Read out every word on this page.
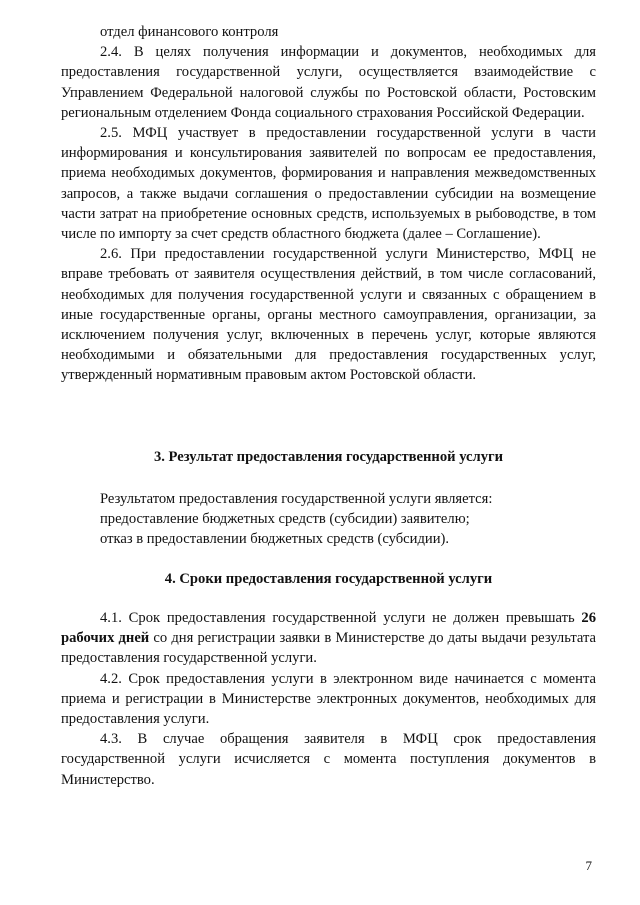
отдел финансового контроля

2.4. В целях получения информации и документов, необходимых для предоставления государственной услуги, осуществляется взаимодействие с Управлением Федеральной налоговой службы по Ростовской области, Ростовским региональным отделением Фонда социального страхования Российской Федерации.

2.5. МФЦ участвует в предоставлении государственной услуги в части информирования и консультирования заявителей по вопросам ее предоставления, приема необходимых документов, формирования и направления межведомственных запросов, а также выдачи соглашения о предоставлении субсидии на возмещение части затрат на приобретение основных средств, используемых в рыбоводстве, в том числе по импорту за счет средств областного бюджета (далее – Соглашение).

2.6. При предоставлении государственной услуги Министерство, МФЦ не вправе требовать от заявителя осуществления действий, в том числе согласований, необходимых для получения государственной услуги и связанных с обращением в иные государственные органы, органы местного самоуправления, организации, за исключением получения услуг, включенных в перечень услуг, которые являются необходимыми и обязательными для предоставления государственных услуг, утвержденный нормативным правовым актом Ростовской области.

3. Результат предоставления государственной услуги

Результатом предоставления государственной услуги является:

предоставление бюджетных средств (субсидии) заявителю;

отказ в предоставлении бюджетных средств (субсидии).

4. Сроки предоставления государственной услуги

4.1. Срок предоставления государственной услуги не должен превышать 26 рабочих дней со дня регистрации заявки в Министерстве до даты выдачи результата предоставления государственной услуги.

4.2. Срок предоставления услуги в электронном виде начинается с момента приема и регистрации в Министерстве электронных документов, необходимых для предоставления услуги.

4.3. В случае обращения заявителя в МФЦ срок предоставления государственной услуги исчисляется с момента поступления документов в Министерство.

7
